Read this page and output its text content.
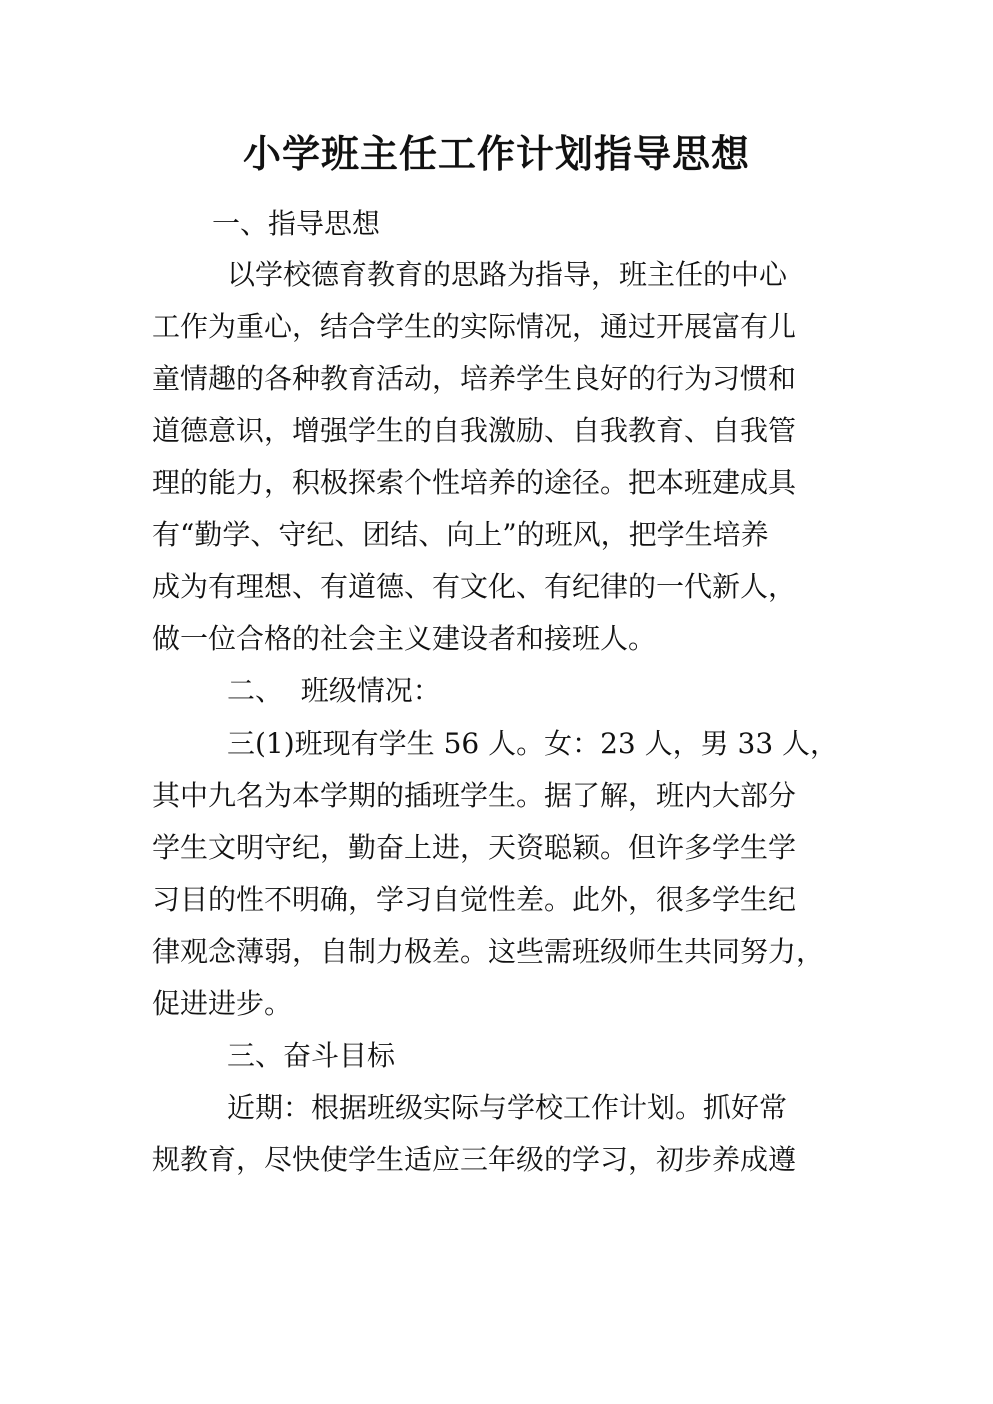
小学班主任工作计划指导思想
一、指导思想
以学校德育教育的思路为指导，班主任的中心
工作为重心，结合学生的实际情况，通过开展富有儿
童情趣的各种教育活动，培养学生良好的行为习惯和
道德意识，增强学生的自我激励、自我教育、自我管
理的能力，积极探索个性培养的途径。把本班建成具
有“勤学、守纪、团结、向上”的班风，把学生培养
成为有理想、有道德、有文化、有纪律的一代新人，
做一位合格的社会主义建设者和接班人。
二、  班级情况：
三(1)班现有学生 56 人。女：23 人，男 33 人，
其中九名为本学期的插班学生。据了解，班内大部分
学生文明守纪，勤奋上进，天资聪颖。但许多学生学
习目的性不明确，学习自觉性差。此外，很多学生纪
律观念薄弱，自制力极差。这些需班级师生共同努力，
促进进步。
三、奋斗目标
近期：根据班级实际与学校工作计划。抓好常
规教育，尽快使学生适应三年级的学习，初步养成遵
